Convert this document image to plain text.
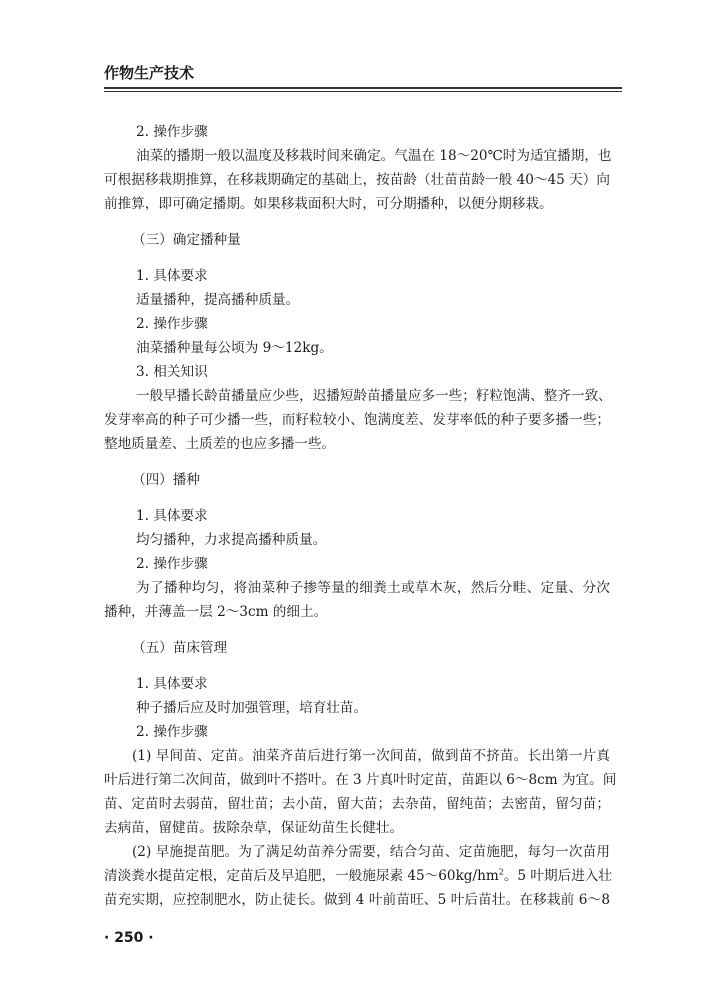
作物生产技术
2. 操作步骤
油菜的播期一般以温度及移栽时间来确定。气温在 18～20℃时为适宜播期，也
可根据移栽期推算，在移栽期确定的基础上，按苗龄（壮苗苗龄一般 40～45 天）向
前推算，即可确定播期。如果移栽面积大时，可分期播种，以便分期移栽。
（三）确定播种量
1. 具体要求
适量播种，提高播种质量。
2. 操作步骤
油菜播种量每公顷为 9～12kg。
3. 相关知识
一般早播长龄苗播量应少些，迟播短龄苗播量应多一些；籽粒饱满、整齐一致、
发芽率高的种子可少播一些，而籽粒较小、饱满度差、发芽率低的种子要多播一些；
整地质量差、土质差的也应多播一些。
（四）播种
1. 具体要求
均匀播种，力求提高播种质量。
2. 操作步骤
为了播种均匀，将油菜种子掺等量的细粪土或草木灰，然后分畦、定量、分次
播种，并薄盖一层 2～3cm 的细土。
（五）苗床管理
1. 具体要求
种子播后应及时加强管理，培育壮苗。
2. 操作步骤
(1) 早间苗、定苗。油菜齐苗后进行第一次间苗，做到苗不挤苗。长出第一片真
叶后进行第二次间苗，做到叶不搭叶。在 3 片真叶时定苗，苗距以 6～8cm 为宜。间
苗、定苗时去弱苗，留壮苗；去小苗，留大苗；去杂苗，留纯苗；去密苗，留匀苗；
去病苗，留健苗。拔除杂草，保证幼苗生长健壮。
(2) 早施提苗肥。为了满足幼苗养分需要，结合匀苗、定苗施肥，每匀一次苗用
清淡粪水提苗定根，定苗后及早追肥，一般施尿素 $45\sim 60kg/hm^2$。5 叶期后进入壮
苗充实期，应控制肥水，防止徒长。做到 4 叶前苗旺、5 叶后苗壮。在移栽前 6～8
· 250 ·
